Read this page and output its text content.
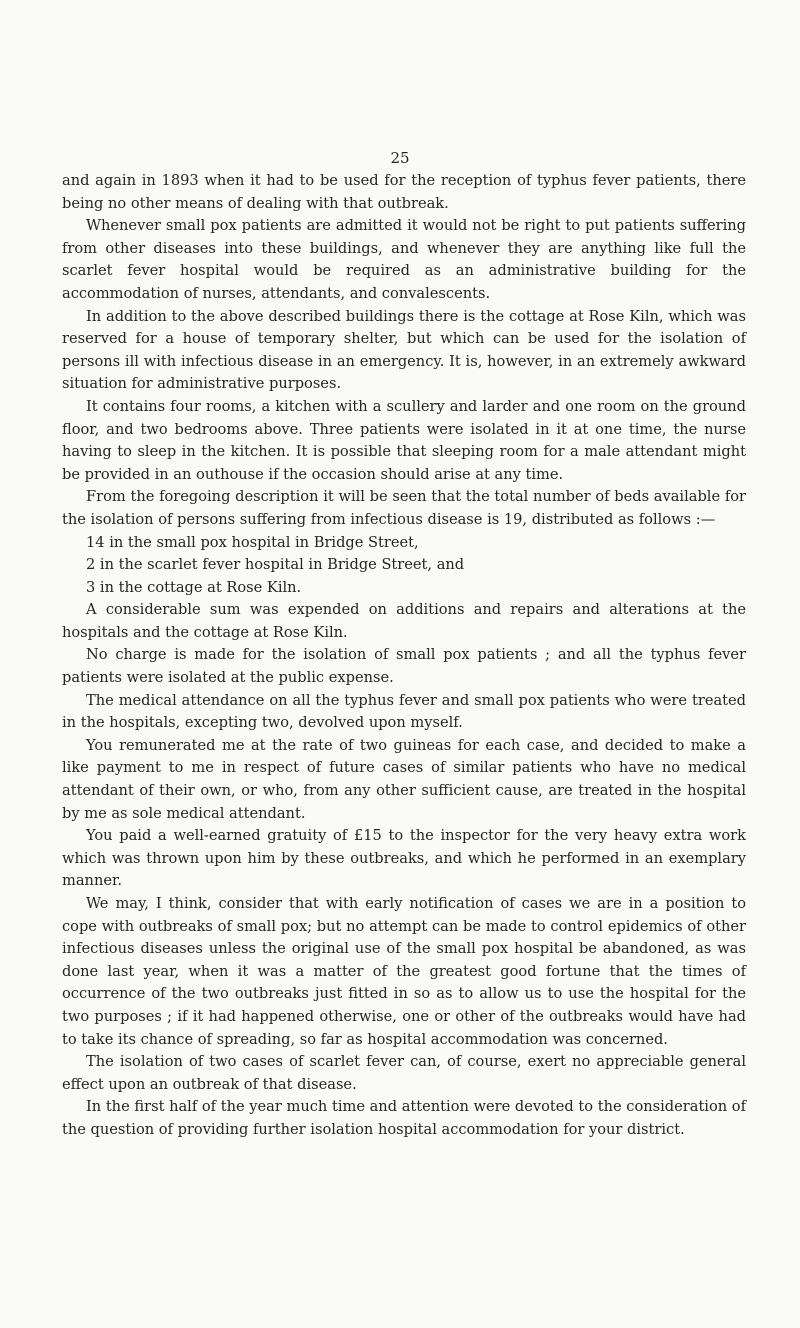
25

and again in 1893 when it had to be used for the reception of typhus fever patients, there being no other means of dealing with that outbreak.

Whenever small pox patients are admitted it would not be right to put patients suffering from other diseases into these buildings, and whenever they are anything like full the scarlet fever hospital would be required as an administrative building for the accommodation of nurses, attendants, and convalescents.

In addition to the above described buildings there is the cottage at Rose Kiln, which was reserved for a house of temporary shelter, but which can be used for the isolation of persons ill with infectious disease in an emergency. It is, however, in an extremely awkward situation for administrative purposes.

It contains four rooms, a kitchen with a scullery and larder and one room on the ground floor, and two bedrooms above. Three patients were isolated in it at one time, the nurse having to sleep in the kitchen. It is possible that sleeping room for a male attendant might be provided in an outhouse if the occasion should arise at any time.

From the foregoing description it will be seen that the total number of beds available for the isolation of persons suffering from infectious disease is 19, distributed as follows :—

14 in the small pox hospital in Bridge Street,

2 in the scarlet fever hospital in Bridge Street, and

3 in the cottage at Rose Kiln.

A considerable sum was expended on additions and repairs and alterations at the hospitals and the cottage at Rose Kiln.

No charge is made for the isolation of small pox patients ; and all the typhus fever patients were isolated at the public expense.

The medical attendance on all the typhus fever and small pox patients who were treated in the hospitals, excepting two, devolved upon myself.

You remunerated me at the rate of two guineas for each case, and decided to make a like payment to me in respect of future cases of similar patients who have no medical attendant of their own, or who, from any other sufficient cause, are treated in the hospital by me as sole medical attendant.

You paid a well-earned gratuity of £15 to the inspector for the very heavy extra work which was thrown upon him by these outbreaks, and which he performed in an exemplary manner.

We may, I think, consider that with early notification of cases we are in a position to cope with outbreaks of small pox; but no attempt can be made to control epidemics of other infectious diseases unless the original use of the small pox hospital be abandoned, as was done last year, when it was a matter of the greatest good fortune that the times of occurrence of the two outbreaks just fitted in so as to allow us to use the hospital for the two purposes ; if it had happened otherwise, one or other of the outbreaks would have had to take its chance of spreading, so far as hospital accommodation was concerned.

The isolation of two cases of scarlet fever can, of course, exert no appreciable general effect upon an outbreak of that disease.

In the first half of the year much time and attention were devoted to the consideration of the question of providing further isolation hospital accommodation for your district.
